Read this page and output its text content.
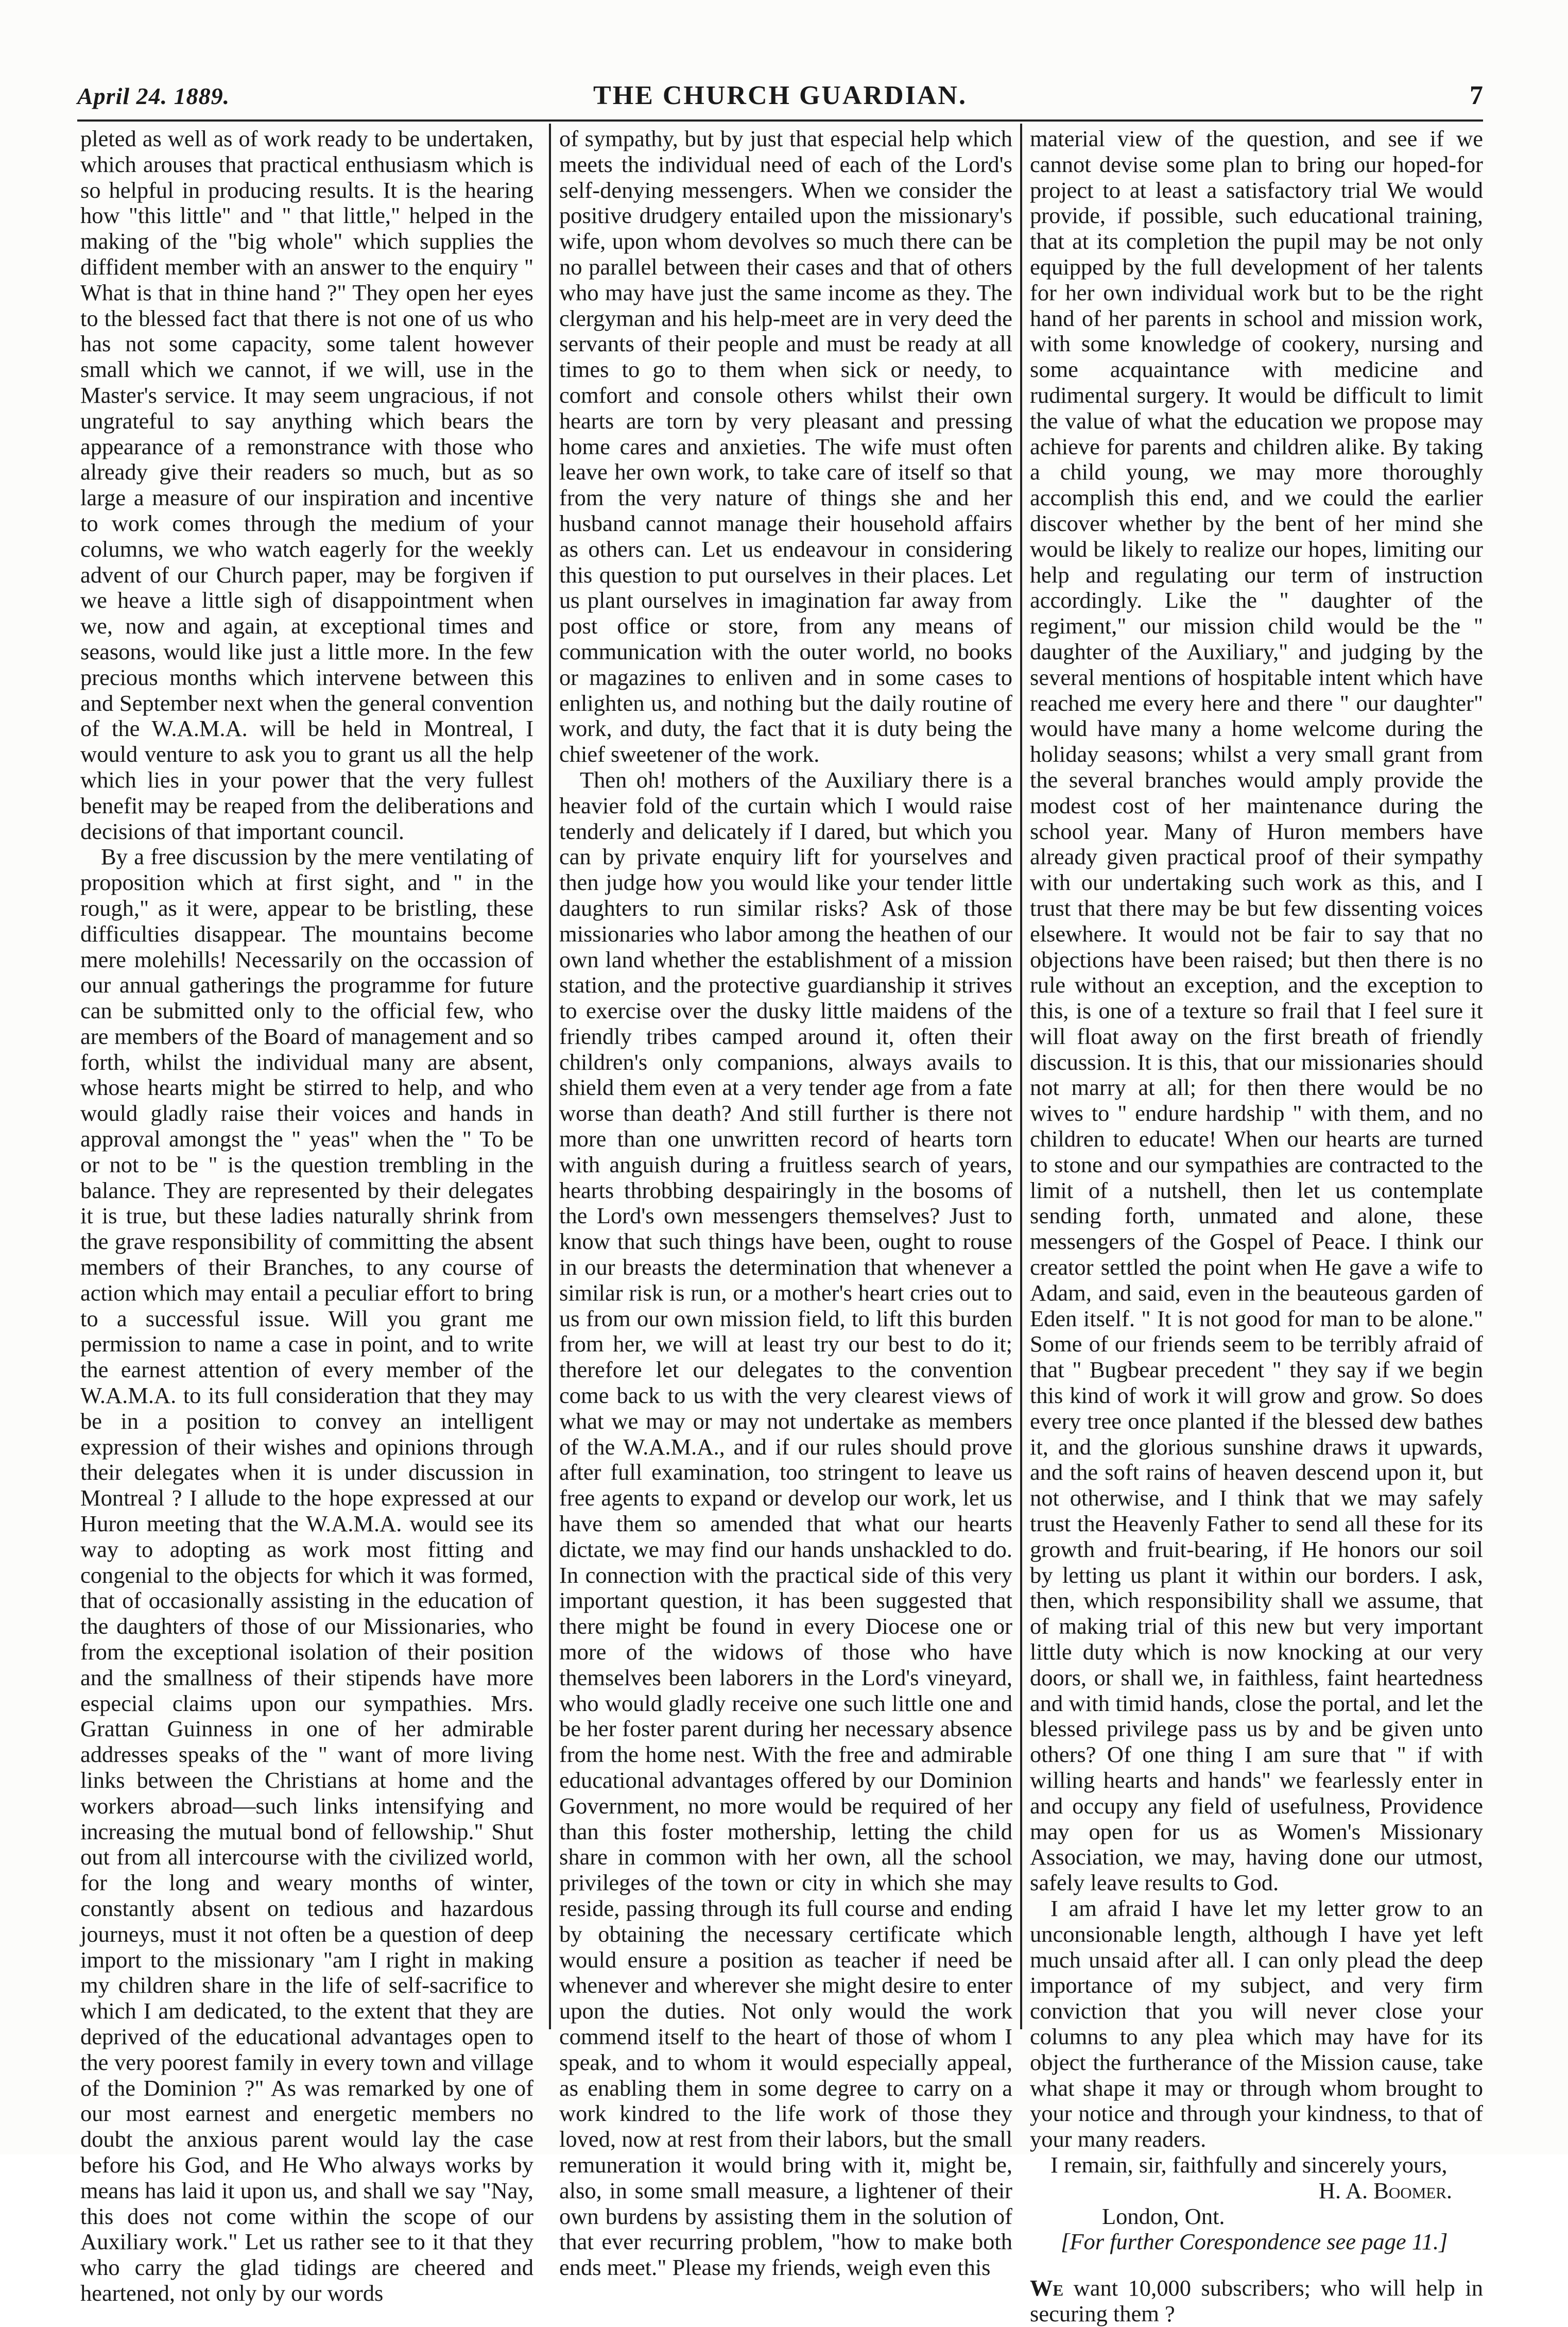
April 24. 1889.	THE CHURCH GUARDIAN.	7

pleted as well as of work ready to be undertaken, which arouses that practical enthusiasm which is so helpful in producing results. It is the hearing how "this little" and " that little," helped in the making of the "big whole" which supplies the diffident member with an answer to the enquiry " What is that in thine hand ?" They open her eyes to the blessed fact that there is not one of us who has not some capacity, some talent however small which we cannot, if we will, use in the Master's service. It may seem ungracious, if not ungrateful to say anything which bears the appearance of a remonstrance with those who already give their readers so much, but as so large a measure of our inspiration and incentive to work comes through the medium of your columns, we who watch eagerly for the weekly advent of our Church paper, may be forgiven if we heave a little sigh of disappointment when we, now and again, at exceptional times and seasons, would like just a little more. In the few precious months which intervene between this and September next when the general convention of the W.A.M.A. will be held in Montreal, I would venture to ask you to grant us all the help which lies in your power that the very fullest benefit may be reaped from the deliberations and decisions of that important council.

By a free discussion by the mere ventilating of proposition which at first sight, and " in the rough," as it were, appear to be bristling, these difficulties disappear. The mountains become mere molehills! Necessarily on the occassion of our annual gatherings the programme for future can be submitted only to the official few, who are members of the Board of management and so forth, whilst the individual many are absent, whose hearts might be stirred to help, and who would gladly raise their voices and hands in approval amongst the " yeas" when the " To be or not to be " is the question trembling in the balance. They are represented by their delegates it is true, but these ladies naturally shrink from the grave responsibility of committing the absent members of their Branches, to any course of action which may entail a peculiar effort to bring to a successful issue. Will you grant me permission to name a case in point, and to write the earnest attention of every member of the W.A.M.A. to its full consideration that they may be in a position to convey an intelligent expression of their wishes and opinions through their delegates when it is under discussion in Montreal ? I allude to the hope expressed at our Huron meeting that the W.A.M.A. would see its way to adopting as work most fitting and congenial to the objects for which it was formed, that of occasionally assisting in the education of the daughters of those of our Missionaries, who from the exceptional isolation of their position and the smallness of their stipends have more especial claims upon our sympathies. Mrs. Grattan Guinness in one of her admirable addresses speaks of the " want of more living links between the Christians at home and the workers abroad—such links intensifying and increasing the mutual bond of fellowship." Shut out from all intercourse with the civilized world, for the long and weary months of winter, constantly absent on tedious and hazardous journeys, must it not often be a question of deep import to the missionary "am I right in making my children share in the life of self-sacrifice to which I am dedicated, to the extent that they are deprived of the educational advantages open to the very poorest family in every town and village of the Dominion ?" As was remarked by one of our most earnest and energetic members no doubt the anxious parent would lay the case before his God, and He Who always works by means has laid it upon us, and shall we say "Nay, this does not come within the scope of our Auxiliary work." Let us rather see to it that they who carry the glad tidings are cheered and heartened, not only by our words

of sympathy, but by just that especial help which meets the individual need of each of the Lord's self-denying messengers. When we consider the positive drudgery entailed upon the missionary's wife, upon whom devolves so much there can be no parallel between their cases and that of others who may have just the same income as they. The clergyman and his help-meet are in very deed the servants of their people and must be ready at all times to go to them when sick or needy, to comfort and console others whilst their own hearts are torn by very pleasant and pressing home cares and anxieties. The wife must often leave her own work, to take care of itself so that from the very nature of things she and her husband cannot manage their household affairs as others can. Let us endeavour in considering this question to put ourselves in their places. Let us plant ourselves in imagination far away from post office or store, from any means of communication with the outer world, no books or magazines to enliven and in some cases to enlighten us, and nothing but the daily routine of work, and duty, the fact that it is duty being the chief sweetener of the work.

Then oh! mothers of the Auxiliary there is a heavier fold of the curtain which I would raise tenderly and delicately if I dared, but which you can by private enquiry lift for yourselves and then judge how you would like your tender little daughters to run similar risks? Ask of those missionaries who labor among the heathen of our own land whether the establishment of a mission station, and the protective guardianship it strives to exercise over the dusky little maidens of the friendly tribes camped around it, often their children's only companions, always avails to shield them even at a very tender age from a fate worse than death? And still further is there not more than one unwritten record of hearts torn with anguish during a fruitless search of years, hearts throbbing despairingly in the bosoms of the Lord's own messengers themselves? Just to know that such things have been, ought to rouse in our breasts the determination that whenever a similar risk is run, or a mother's heart cries out to us from our own mission field, to lift this burden from her, we will at least try our best to do it; therefore let our delegates to the convention come back to us with the very clearest views of what we may or may not undertake as members of the W.A.M.A., and if our rules should prove after full examination, too stringent to leave us free agents to expand or develop our work, let us have them so amended that what our hearts dictate, we may find our hands unshackled to do. In connection with the practical side of this very important question, it has been suggested that there might be found in every Diocese one or more of the widows of those who have themselves been laborers in the Lord's vineyard, who would gladly receive one such little one and be her foster parent during her necessary absence from the home nest. With the free and admirable educational advantages offered by our Dominion Government, no more would be required of her than this foster mothership, letting the child share in common with her own, all the school privileges of the town or city in which she may reside, passing through its full course and ending by obtaining the necessary certificate which would ensure a position as teacher if need be whenever and wherever she might desire to enter upon the duties. Not only would the work commend itself to the heart of those of whom I speak, and to whom it would especially appeal, as enabling them in some degree to carry on a work kindred to the life work of those they loved, now at rest from their labors, but the small remuneration it would bring with it, might be, also, in some small measure, a lightener of their own burdens by assisting them in the solution of that ever recurring problem, "how to make both ends meet." Please my friends, weigh even this

material view of the question, and see if we cannot devise some plan to bring our hoped-for project to at least a satisfactory trial We would provide, if possible, such educational training, that at its completion the pupil may be not only equipped by the full development of her talents for her own individual work but to be the right hand of her parents in school and mission work, with some knowledge of cookery, nursing and some acquaintance with medicine and rudimental surgery. It would be difficult to limit the value of what the education we propose may achieve for parents and children alike. By taking a child young, we may more thoroughly accomplish this end, and we could the earlier discover whether by the bent of her mind she would be likely to realize our hopes, limiting our help and regulating our term of instruction accordingly. Like the " daughter of the regiment," our mission child would be the " daughter of the Auxiliary," and judging by the several mentions of hospitable intent which have reached me every here and there " our daughter" would have many a home welcome during the holiday seasons; whilst a very small grant from the several branches would amply provide the modest cost of her maintenance during the school year. Many of Huron members have already given practical proof of their sympathy with our undertaking such work as this, and I trust that there may be but few dissenting voices elsewhere. It would not be fair to say that no objections have been raised; but then there is no rule without an exception, and the exception to this, is one of a texture so frail that I feel sure it will float away on the first breath of friendly discussion. It is this, that our missionaries should not marry at all; for then there would be no wives to " endure hardship " with them, and no children to educate! When our hearts are turned to stone and our sympathies are contracted to the limit of a nutshell, then let us contemplate sending forth, unmated and alone, these messengers of the Gospel of Peace. I think our creator settled the point when He gave a wife to Adam, and said, even in the beauteous garden of Eden itself. " It is not good for man to be alone." Some of our friends seem to be terribly afraid of that " Bugbear precedent " they say if we begin this kind of work it will grow and grow. So does every tree once planted if the blessed dew bathes it, and the glorious sunshine draws it upwards, and the soft rains of heaven descend upon it, but not otherwise, and I think that we may safely trust the Heavenly Father to send all these for its growth and fruit-bearing, if He honors our soil by letting us plant it within our borders. I ask, then, which responsibility shall we assume, that of making trial of this new but very important little duty which is now knocking at our very doors, or shall we, in faithless, faint heartedness and with timid hands, close the portal, and let the blessed privilege pass us by and be given unto others? Of one thing I am sure that " if with willing hearts and hands" we fearlessly enter in and occupy any field of usefulness, Providence may open for us as Women's Missionary Association, we may, having done our utmost, safely leave results to God.

I am afraid I have let my letter grow to an unconsionable length, although I have yet left much unsaid after all. I can only plead the deep importance of my subject, and very firm conviction that you will never close your columns to any plea which may have for its object the furtherance of the Mission cause, take what shape it may or through whom brought to your notice and through your kindness, to that of your many readers.

I remain, sir, faithfully and sincerely yours,

H. A. Boomer.

London, Ont.

[For further Corespondence see page 11.]

We want 10,000 subscribers; who will help in securing them ?
